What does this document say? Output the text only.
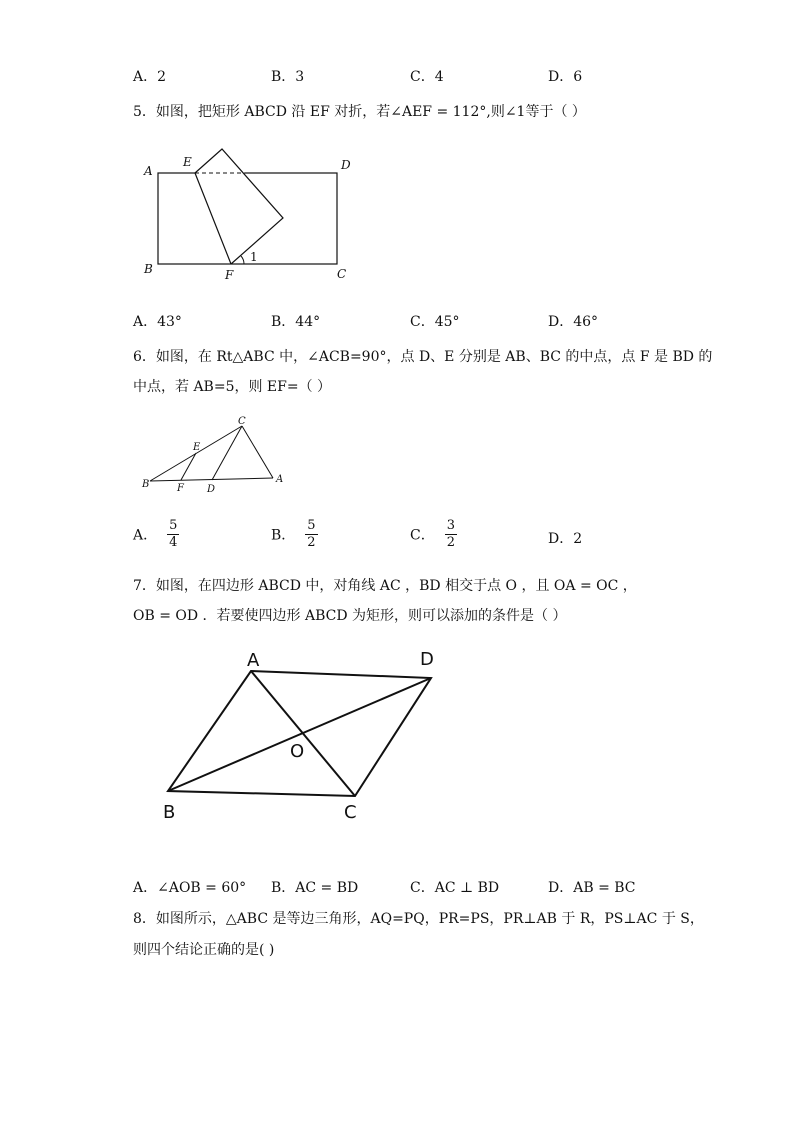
A．2	B．3	C．4	D．6
5．如图，把矩形 ABCD 沿 EF 对折，若∠AEF = 112°,则∠1等于（ ）
A
E	D
B	F	C
1
A．43°	B．44°	C．45°	D．46°
6．如图，在 Rt△ABC 中，∠ACB=90°，点 D、E 分别是 AB、BC 的中点，点 F 是 BD 的
中点，若 AB=5，则 EF=（ ）
C
E
B	F D
A
A． $\frac{5}{4}$	B． $\frac{5}{2}$	C． $\frac{3}{2}$	D．2
7．如图，在四边形 ABCD 中，对角线 AC ，BD 相交于点 O ，且 OA = OC ，
OB = OD ．若要使四边形 ABCD 为矩形，则可以添加的条件是（ ）
A	D
O
B	C
A．∠AOB = 60° B．AC = BD	C．AC ⊥ BD	D．AB = BC
8．如图所示，△ABC 是等边三角形，AQ=PQ，PR=PS，PR⊥AB 于 R，PS⊥AC 于 S，
则四个结论正确的是( )
